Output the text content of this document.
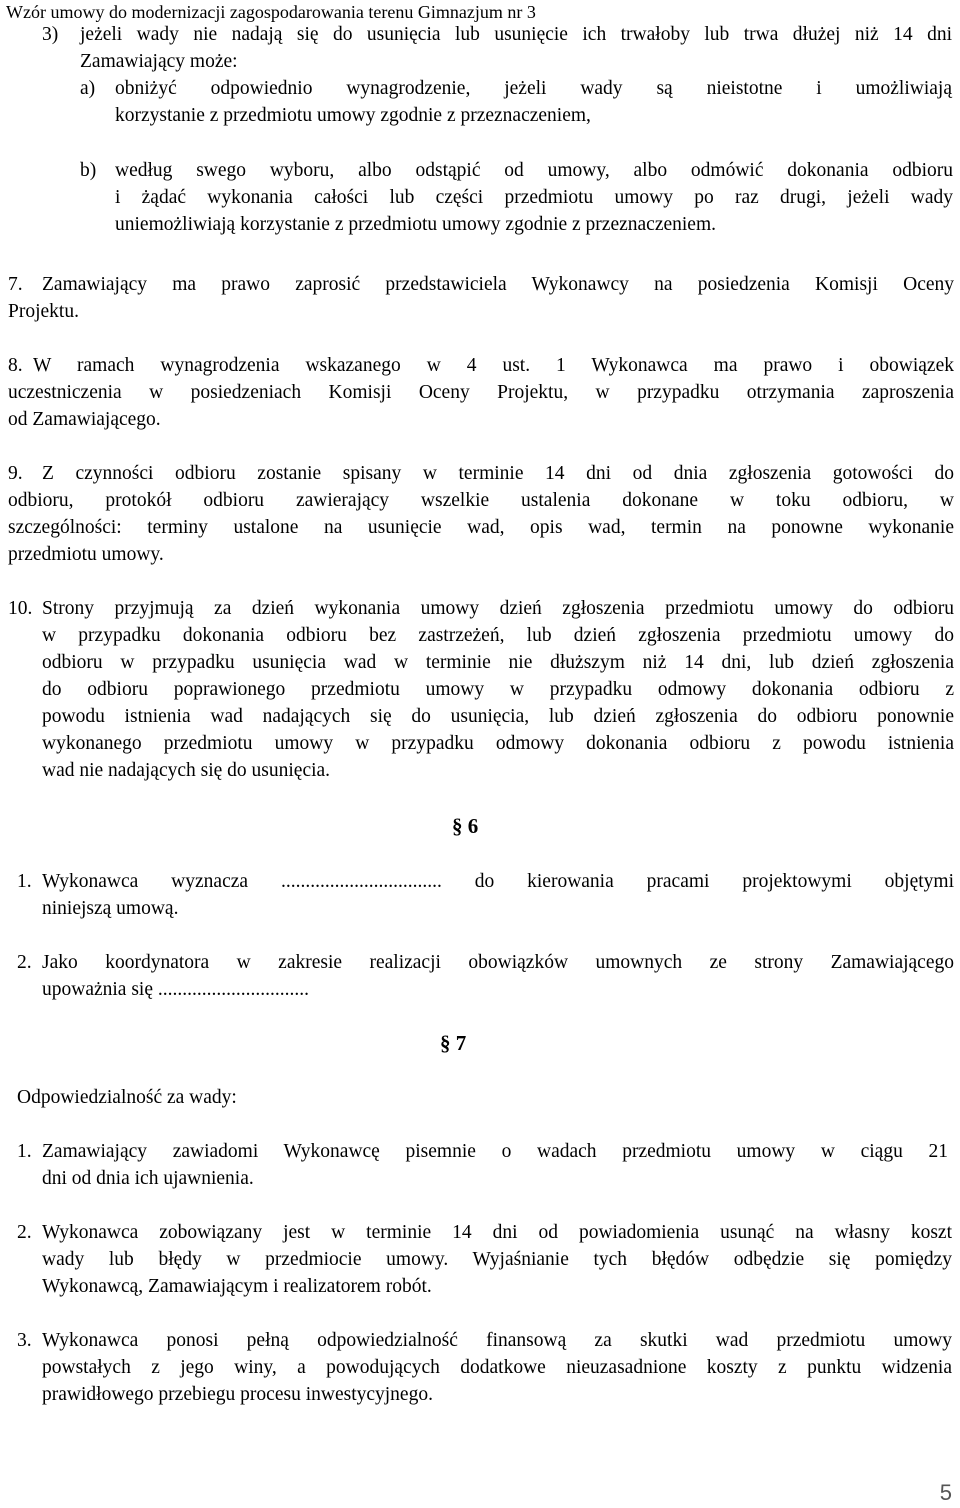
Wzór umowy do modernizacji zagospodarowania terenu Gimnazjum nr 3
3) jeżeli wady nie nadają się do usunięcia lub usunięcie ich trwałoby lub trwa dłużej niż 14 dni
Zamawiający może:
a) obniżyć odpowiednio wynagrodzenie, jeżeli wady są nieistotne i umożliwiają
korzystanie z przedmiotu umowy zgodnie z przeznaczeniem,
b) według swego wyboru, albo odstąpić od umowy, albo odmówić dokonania odbioru
i żądać wykonania całości lub części przedmiotu umowy po raz drugi, jeżeli wady
uniemożliwiają korzystanie z przedmiotu umowy zgodnie z przeznaczeniem.
7. Zamawiający ma prawo zaprosić przedstawiciela Wykonawcy na posiedzenia Komisji Oceny
Projektu.
8. W ramach wynagrodzenia wskazanego w 4 ust. 1 Wykonawca ma prawo i obowiązek
uczestniczenia w posiedzeniach Komisji Oceny Projektu, w przypadku otrzymania zaproszenia
od Zamawiającego.
9. Z czynności odbioru zostanie spisany w terminie 14 dni od dnia zgłoszenia gotowości do
odbioru, protokół odbioru zawierający wszelkie ustalenia dokonane w toku odbioru, w
szczególności: terminy ustalone na usunięcie wad, opis wad, termin na ponowne wykonanie
przedmiotu umowy.
10. Strony przyjmują za dzień wykonania umowy dzień zgłoszenia przedmiotu umowy do odbioru
w przypadku dokonania odbioru bez zastrzeżeń, lub dzień zgłoszenia przedmiotu umowy do
odbioru w przypadku usunięcia wad w terminie nie dłuższym niż 14 dni, lub dzień zgłoszenia
do odbioru poprawionego przedmiotu umowy w przypadku odmowy dokonania odbioru z
powodu istnienia wad nadających się do usunięcia, lub dzień zgłoszenia do odbioru ponownie
wykonanego przedmiotu umowy w przypadku odmowy dokonania odbioru z powodu istnienia
wad nie nadających się do usunięcia.
§ 6
1. Wykonawca wyznacza ................................. do kierowania pracami projektowymi objętymi
niniejszą umową.
2. Jako koordynatora w zakresie realizacji obowiązków umownych ze strony Zamawiającego
upoważnia się ...............................
§ 7
Odpowiedzialność za wady:
1. Zamawiający zawiadomi Wykonawcę pisemnie o wadach przedmiotu umowy w ciągu 21
dni od dnia ich ujawnienia.
2. Wykonawca zobowiązany jest w terminie 14 dni od powiadomienia usunąć na własny koszt
wady lub błędy w przedmiocie umowy. Wyjaśnianie tych błędów odbędzie się pomiędzy
Wykonawcą, Zamawiającym i realizatorem robót.
3. Wykonawca ponosi pełną odpowiedzialność finansową za skutki wad przedmiotu umowy
powstałych z jego winy, a powodujących dodatkowe nieuzasadnione koszty z punktu widzenia
prawidłowego przebiegu procesu inwestycyjnego.
5
